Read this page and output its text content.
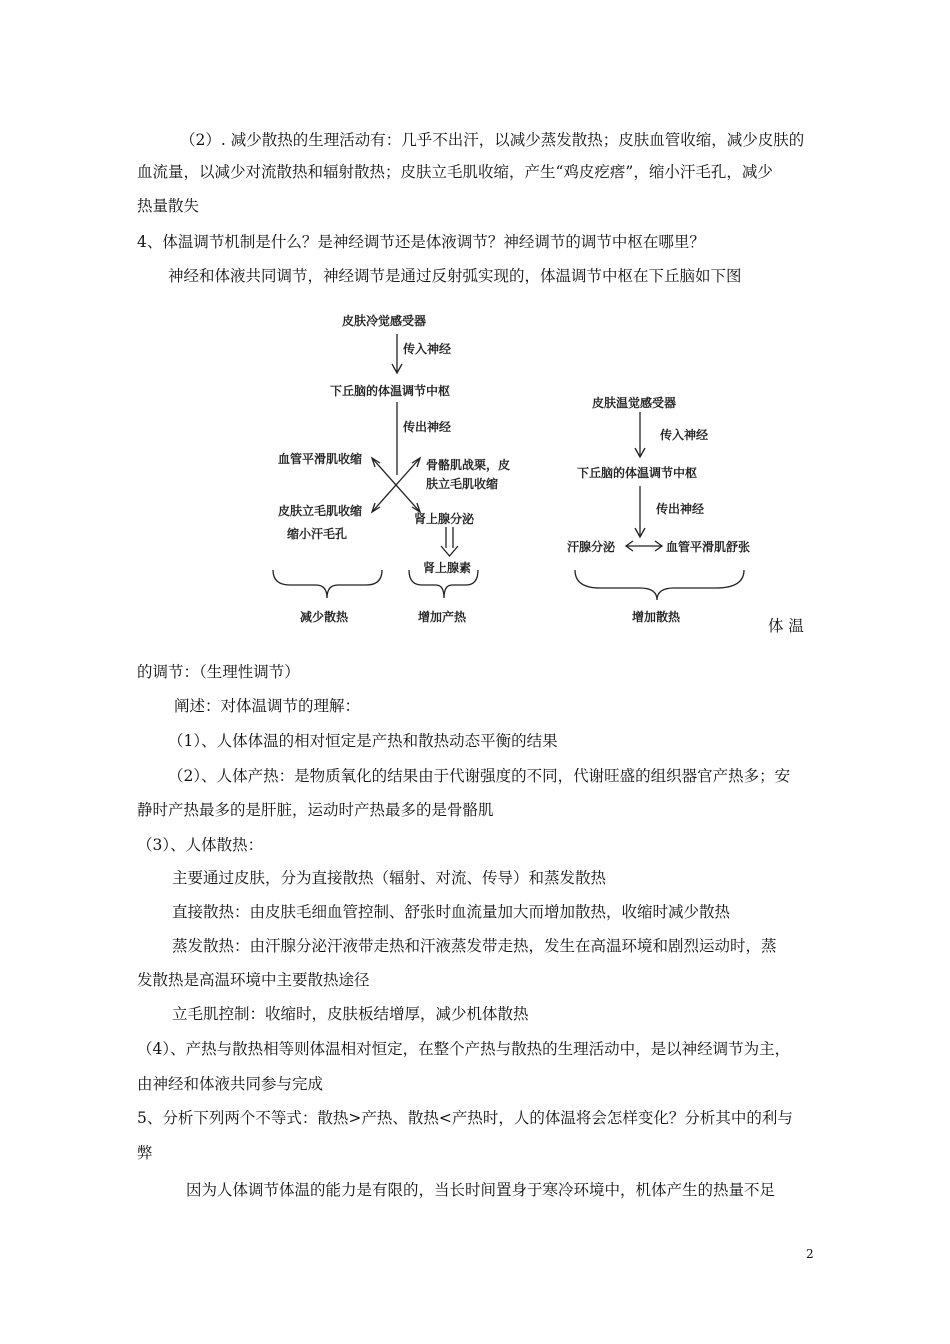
（2）. 减少散热的生理活动有：几乎不出汗，以减少蒸发散热；皮肤血管收缩，减少皮肤的
血流量，以减少对流散热和辐射散热；皮肤立毛肌收缩，产生“鸡皮疙瘩”，缩小汗毛孔，减少
热量散失
4、体温调节机制是什么？是神经调节还是体液调节？神经调节的调节中枢在哪里？
神经和体液共同调节，神经调节是通过反射弧实现的，体温调节中枢在下丘脑如下图
皮肤冷觉感受器
传入神经
下丘脑的体温调节中枢
传出神经
血管平滑肌收缩	骨骼肌战栗，皮
肤立毛肌收缩
皮肤立毛肌收缩
肾上腺分泌
缩小汗毛孔
肾上腺素
减少散热	增加产热
皮肤温觉感受器
传入神经
下丘脑的体温调节中枢
传出神经
汗腺分泌	血管平滑肌舒张
增加散热	体 温
的调节：（生理性调节）
阐述：对体温调节的理解：
（1）、人体体温的相对恒定是产热和散热动态平衡的结果
（2）、人体产热：是物质氧化的结果由于代谢强度的不同，代谢旺盛的组织器官产热多；安
静时产热最多的是肝脏，运动时产热最多的是骨骼肌
（3）、人体散热：
主要通过皮肤，分为直接散热（辐射、对流、传导）和蒸发散热
直接散热：由皮肤毛细血管控制、舒张时血流量加大而增加散热，收缩时减少散热
蒸发散热：由汗腺分泌汗液带走热和汗液蒸发带走热，发生在高温环境和剧烈运动时，蒸
发散热是高温环境中主要散热途径
立毛肌控制：收缩时，皮肤板结增厚，减少机体散热
（4）、产热与散热相等则体温相对恒定，在整个产热与散热的生理活动中，是以神经调节为主，
由神经和体液共同参与完成
5、分析下列两个不等式：散热>产热、散热<产热时，人的体温将会怎样变化？分析其中的利与
弊
因为人体调节体温的能力是有限的，当长时间置身于寒冷环境中，机体产生的热量不足
2
